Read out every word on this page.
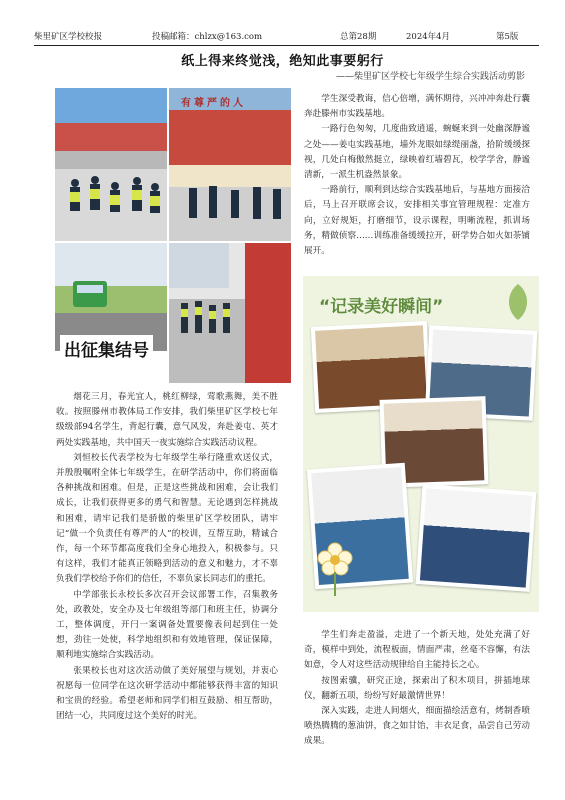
柴里矿区学校校报	投稿邮箱：chlzx@163.com	总第28期	2024年4月	第5版
纸上得来终觉浅，绝知此事要躬行
——柴里矿区学校七年级学生综合实践活动剪影
有尊严的人
出征集结号

烟花三月，春光宜人，桃红柳绿，莺歌燕舞，美不胜收。按照滕州市教体局工作安排，我们柴里矿区学校七年级级部94名学生，背起行囊，意气风发，奔赴姜屯、英才两处实践基地，共中国天一夜实施综合实践活动议程。

刘恒校长代表学校为七年级学生举行隆重欢送仪式，并殷殷嘱咐全体七年级学生，在研学活动中，你们将面临各种挑战和困难。但是，正是这些挑战和困难，会让我们成长，让我们获得更多的勇气和智慧。无论遇到怎样挑战和困难，请牢记我们是骄傲的柴里矿区学校团队，请牢记“做一个负责任有尊严的人”的校训，互帮互助，精诚合作，每一个环节都高度我们全身心地投入，积极参与。只有这样，我们才能真正领略到活动的意义和魅力，才不辜负我们学校给予你们的信任，不辜负家长同志们的重托。

中学部张长永校长多次召开会议部署工作，召集教务处，政教处，安全办及七年级组等部门和班主任，协调分工，整体调度，开闩一案调备处置要像表问起到住一处想，劲往一处使，科学地组织和有效地管理，保证保障，顺利地实施综合实践活动。

张果校长也对这次活动做了美好展望与规划，并衷心祝愿每一位同学在这次研学活动中都能够获得丰富的知识和宝贵的经验。希望老师和同学们相互鼓励、相互帮助，团结一心，共同度过这个美好的时光。

学生深受教诲，信心倍增，满怀期待，兴冲冲奔赴行囊奔赴滕州市实践基地。

一路行色匆匆，几度曲致逍遥，蜿蜒来到一处幽深静谧之处——姜屯实践基地，墙外龙眼如绿缇丽盏，拾阶缓缓探视，几处白梅傲然挺立，绿映着红墙碧瓦，校学学舍，静谧清新，一派生机盎然景象。

一路前行，顺利到达综合实践基地后，与基地方面接洽后，马上召开联席会议，安排相关事宜管理规程：定准方向，立好规矩，打磨细节，设示课程，明晰流程，抓训场务，精做侦察……训练准备缓缓拉开，研学势合如火如荼铺展开。

“记录美好瞬间”

学生们奔走盈溢，走进了一个新天地，处处充满了好奇，模样中到处，流程板面，情面严肃，丝毫不容懈，有法如意，令人对这些活动规律给自主能持长之心。

按图索骥，研究正途，探索出了积木项目，拼插地球仪，翻新五项，纷纷写好最激情世界！

深入实践，走进人间烟火，细面描绘活意有，烤制香喷喷热腾腾的葱油饼，食之如甘饴，丰衣足食，品尝自己劳动成果。
